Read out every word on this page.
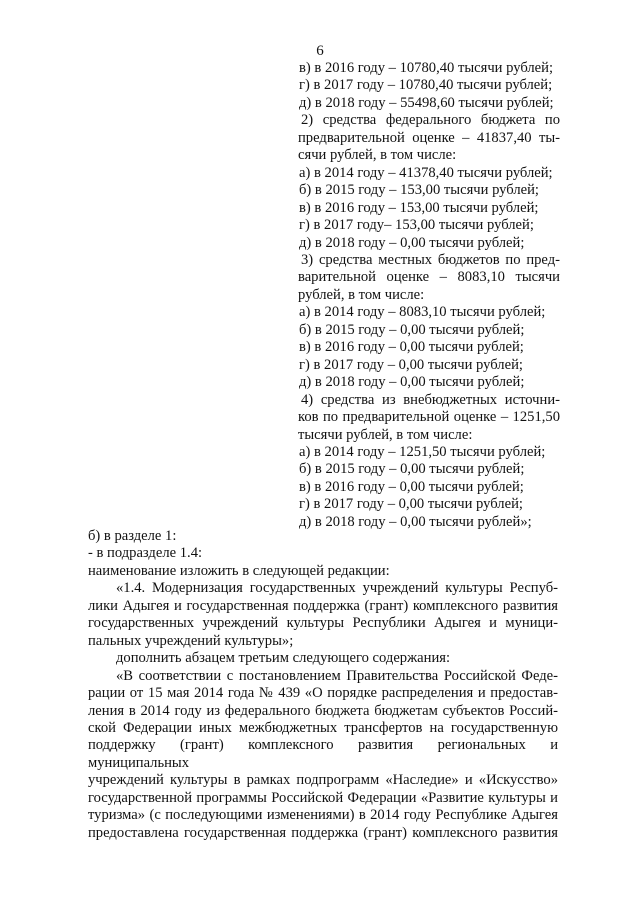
6
в) в 2016 году – 10780,40 тысячи рублей;
г) в 2017 году – 10780,40 тысячи рублей;
д) в 2018 году – 55498,60 тысячи рублей;
2) средства федерального бюджета по
предварительной оценке – 41837,40 ты-
сячи рублей, в том числе:
а) в 2014 году – 41378,40 тысячи рублей;
б) в 2015 году – 153,00 тысячи рублей;
в) в 2016 году – 153,00 тысячи рублей;
г) в 2017 году– 153,00 тысячи рублей;
д) в 2018 году – 0,00 тысячи рублей;
3) средства местных бюджетов по пред-
варительной оценке – 8083,10 тысячи
рублей, в том числе:
а) в 2014 году – 8083,10 тысячи рублей;
б) в 2015 году – 0,00 тысячи рублей;
в) в 2016 году – 0,00 тысячи рублей;
г) в 2017 году – 0,00 тысячи рублей;
д) в 2018 году – 0,00 тысячи рублей;
4) средства из внебюджетных источни-
ков по предварительной оценке – 1251,50
тысячи рублей, в том числе:
а) в 2014 году – 1251,50 тысячи рублей;
б) в 2015 году – 0,00 тысячи рублей;
в) в 2016 году – 0,00 тысячи рублей;
г) в 2017 году – 0,00 тысячи рублей;
д) в 2018 году – 0,00 тысячи рублей»;
б) в разделе 1:
- в подразделе 1.4:
наименование изложить в следующей редакции:
«1.4. Модернизация государственных учреждений культуры Респуб-
лики Адыгея и государственная поддержка (грант) комплексного развития
государственных учреждений культуры Республики Адыгея и муници-
пальных учреждений культуры»;
дополнить абзацем третьим следующего содержания:
«В соответствии с постановлением Правительства Российской Феде-
рации от 15 мая 2014 года № 439 «О порядке распределения и предостав-
ления в 2014 году из федерального бюджета бюджетам субъектов Россий-
ской Федерации иных межбюджетных трансфертов на государственную
поддержку (грант) комплексного развития региональных и муниципальных
учреждений культуры в рамках подпрограмм «Наследие» и «Искусство»
государственной программы Российской Федерации «Развитие культуры и
туризма» (с последующими изменениями) в 2014 году Республике Адыгея
предоставлена государственная поддержка (грант) комплексного развития
